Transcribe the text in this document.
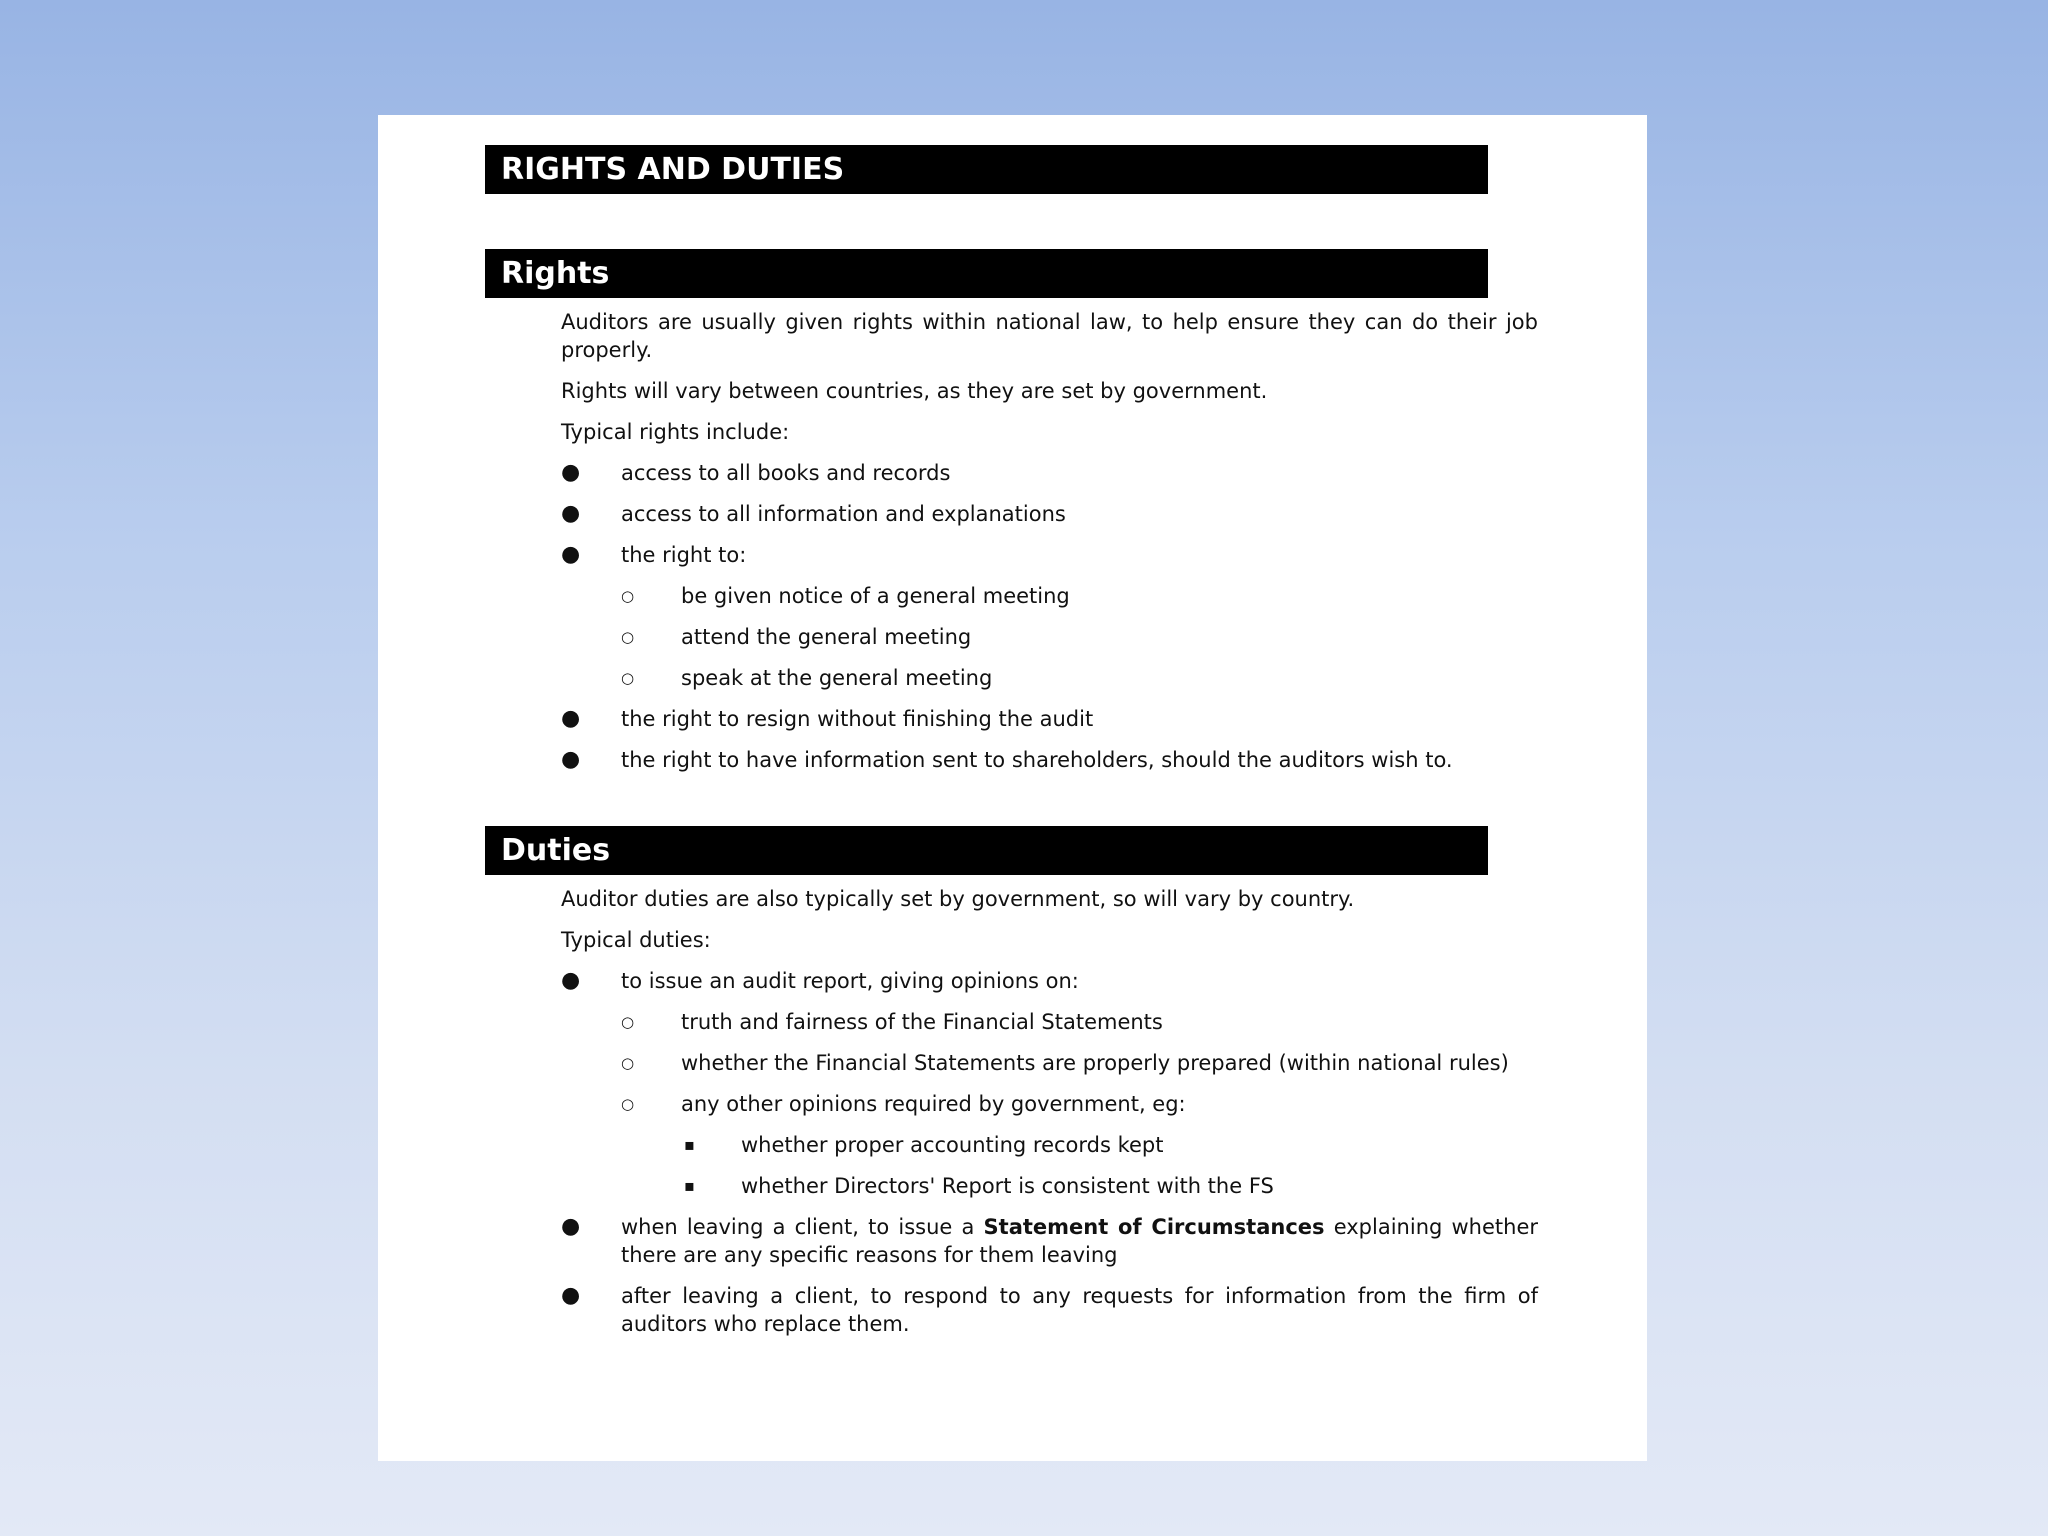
RIGHTS AND DUTIES
Rights

Auditors are usually given rights within national law, to help ensure they can do their job properly.

Rights will vary between countries, as they are set by government.

Typical rights include:

● access to all books and records
● access to all information and explanations
● the right to:
○ be given notice of a general meeting
○ attend the general meeting
○ speak at the general meeting
● the right to resign without finishing the audit
● the right to have information sent to shareholders, should the auditors wish to.
Duties

Auditor duties are also typically set by government, so will vary by country.

Typical duties:

● to issue an audit report, giving opinions on:
○ truth and fairness of the Financial Statements
○ whether the Financial Statements are properly prepared (within national rules)
○ any other opinions required by government, eg:
▪ whether proper accounting records kept
▪ whether Directors' Report is consistent with the FS
● when leaving a client, to issue a Statement of Circumstances explaining whether there are any specific reasons for them leaving
● after leaving a client, to respond to any requests for information from the firm of auditors who replace them.
